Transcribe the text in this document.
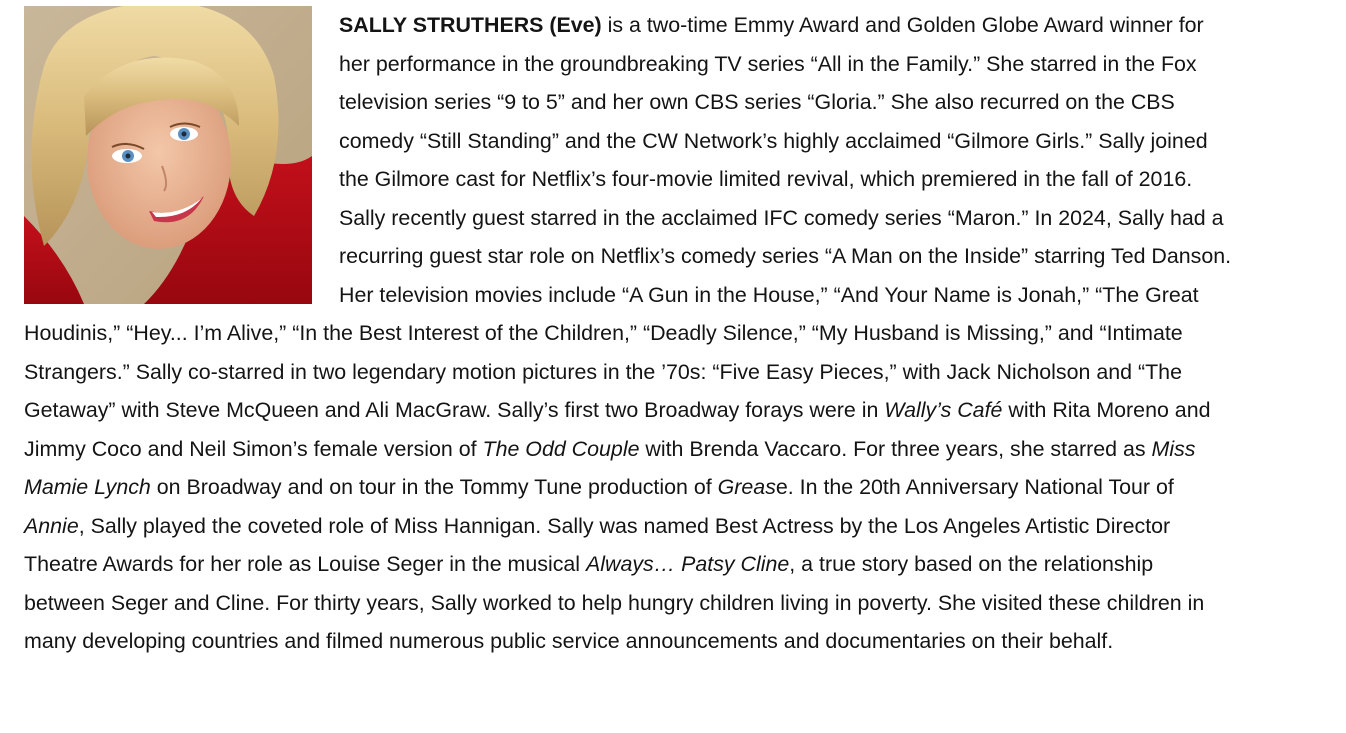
SALLY STRUTHERS (Eve) is a two-time Emmy Award and Golden Globe Award winner for her performance in the groundbreaking TV series “All in the Family.” She starred in the Fox television series “9 to 5” and her own CBS series “Gloria.” She also recurred on the CBS comedy “Still Standing” and the CW Network’s highly acclaimed “Gilmore Girls.” Sally joined the Gilmore cast for Netflix’s four-movie limited revival, which premiered in the fall of 2016. Sally recently guest starred in the acclaimed IFC comedy series “Maron.” In 2024, Sally had a recurring guest star role on Netflix’s comedy series “A Man on the Inside” starring Ted Danson. Her television movies include “A Gun in the House,” “And Your Name is Jonah,” “The Great Houdinis,” “Hey... I’m Alive,” “In the Best Interest of the Children,” “Deadly Silence,” “My Husband is Missing,” and “Intimate Strangers.” Sally co-starred in two legendary motion pictures in the ’70s: “Five Easy Pieces,” with Jack Nicholson and “The Getaway” with Steve McQueen and Ali MacGraw. Sally’s first two Broadway forays were in Wally’s Café with Rita Moreno and Jimmy Coco and Neil Simon’s female version of The Odd Couple with Brenda Vaccaro. For three years, she starred as Miss Mamie Lynch on Broadway and on tour in the Tommy Tune production of Grease. In the 20th Anniversary National Tour of Annie, Sally played the coveted role of Miss Hannigan. Sally was named Best Actress by the Los Angeles Artistic Director Theatre Awards for her role as Louise Seger in the musical Always… Patsy Cline, a true story based on the relationship between Seger and Cline. For thirty years, Sally worked to help hungry children living in poverty. She visited these children in many developing countries and filmed numerous public service announcements and documentaries on their behalf.
